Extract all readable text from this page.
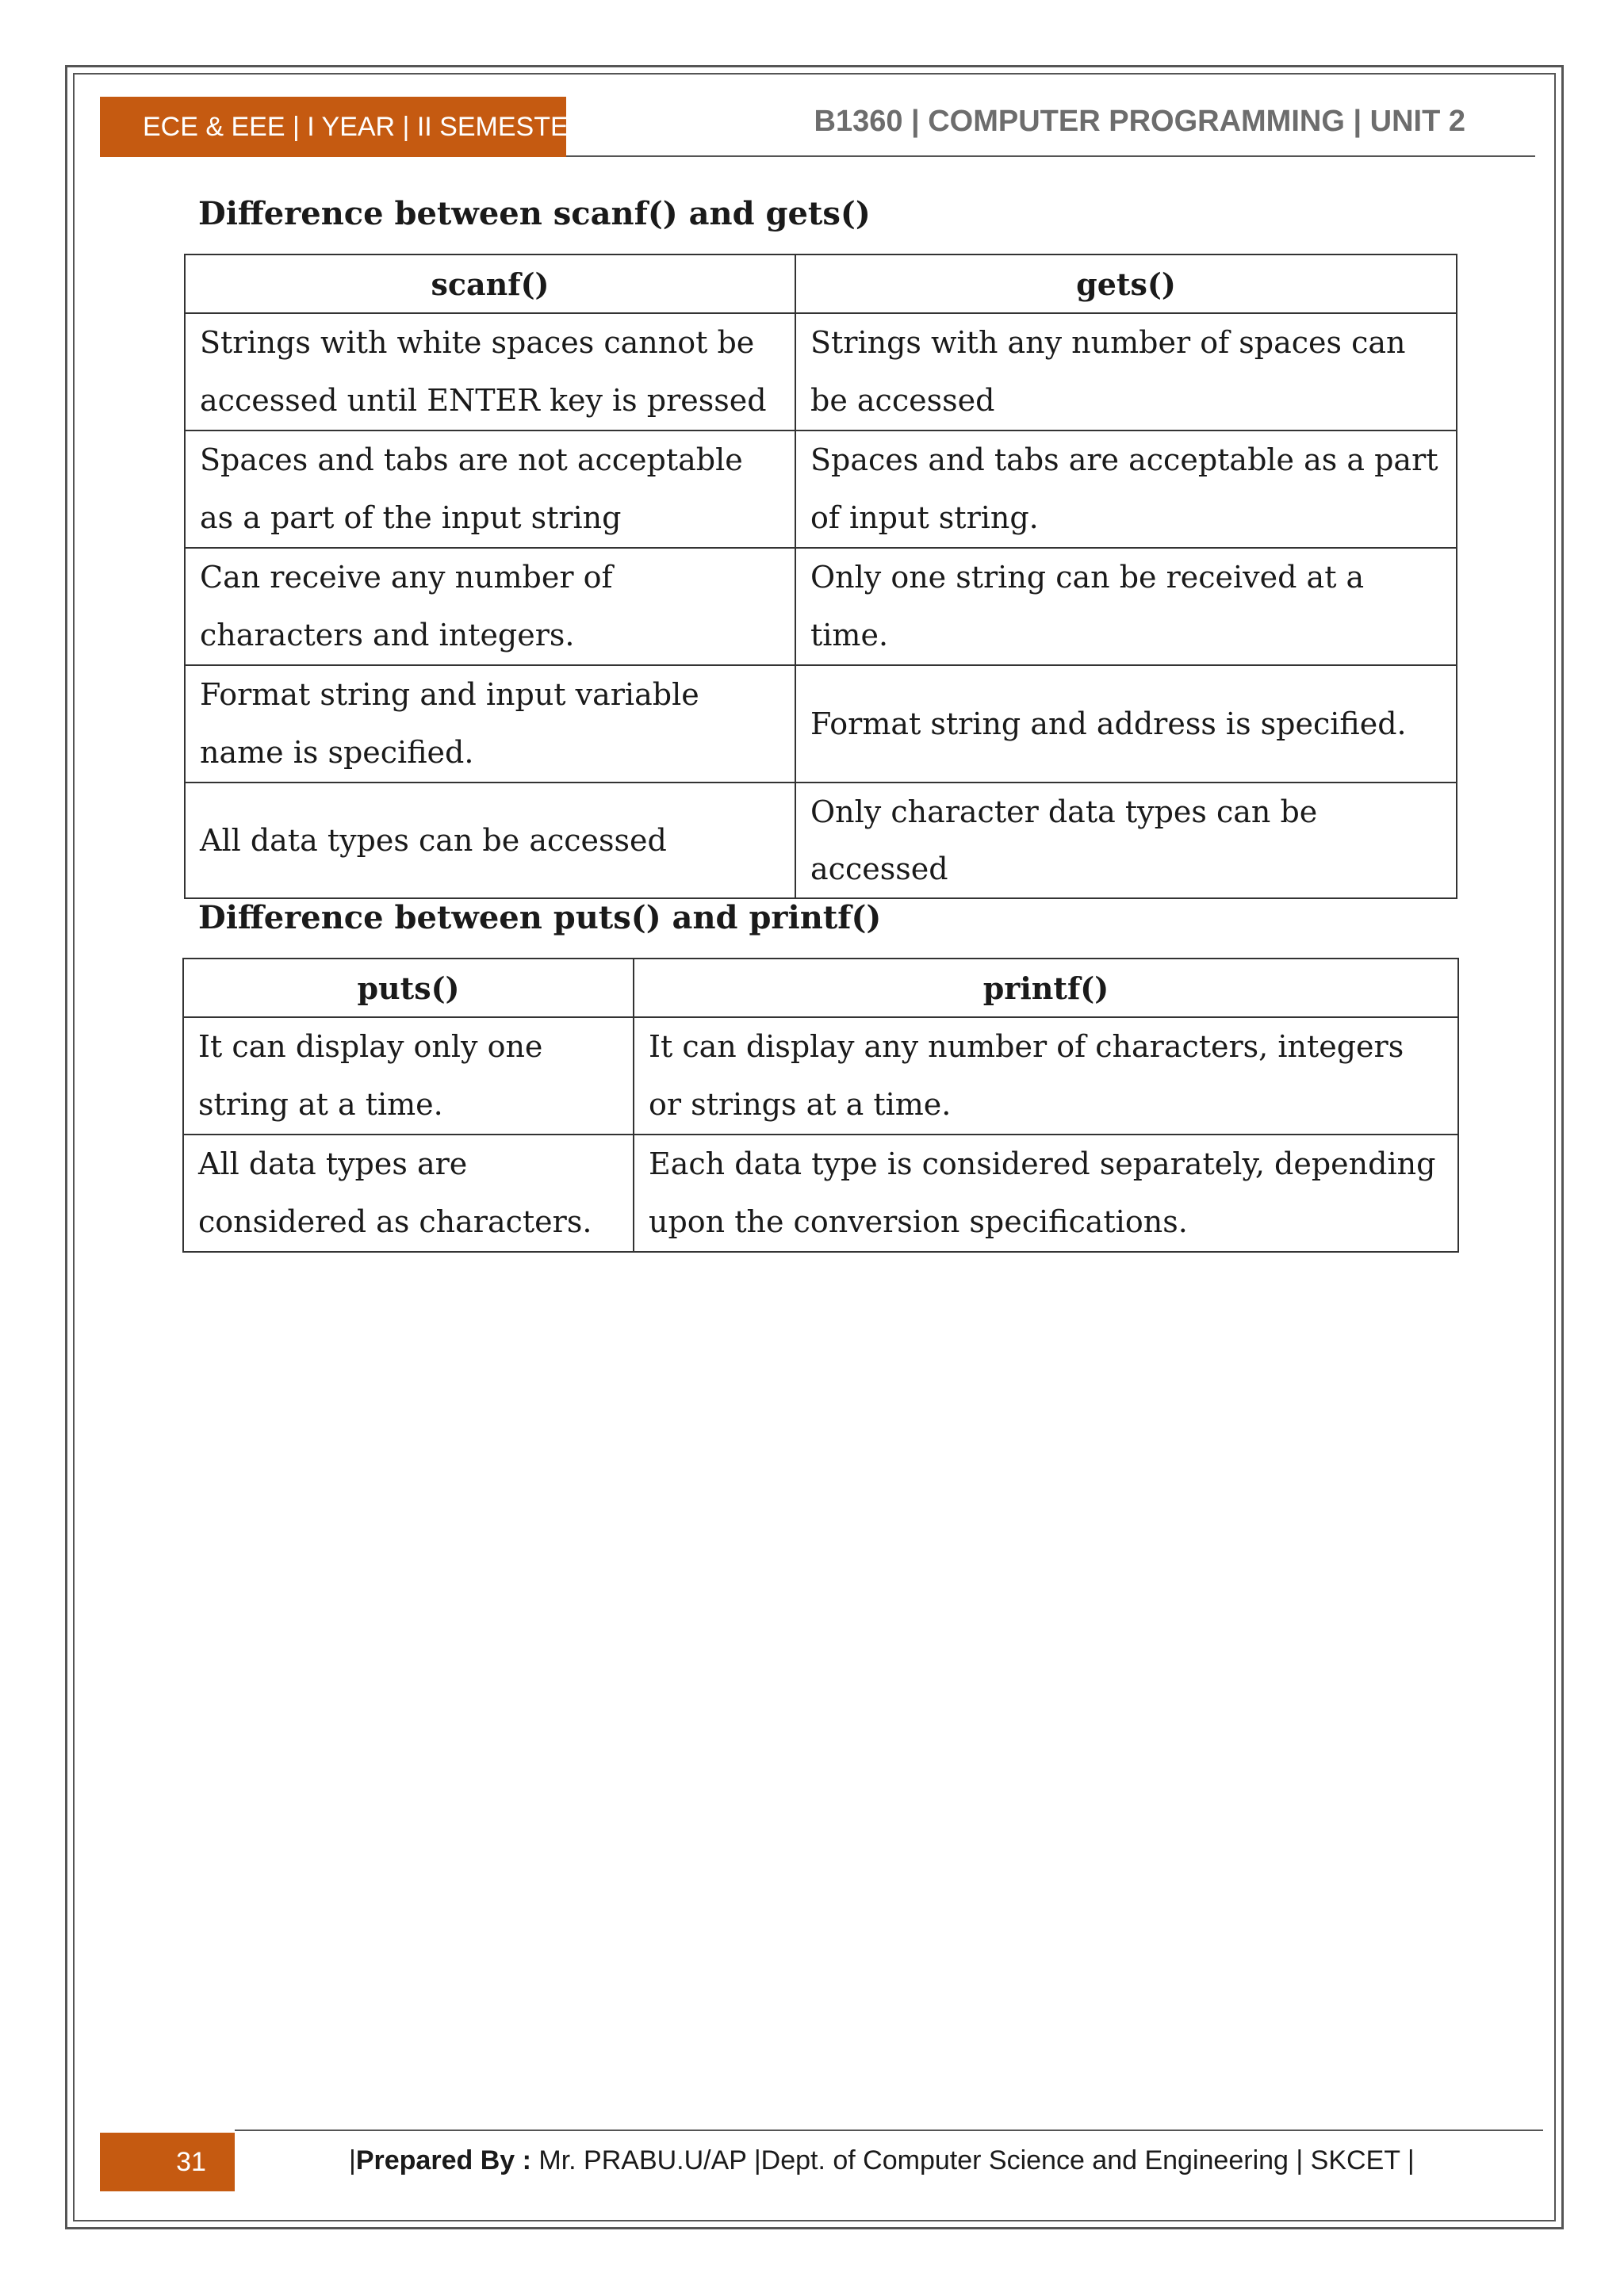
ECE & EEE | I YEAR | II SEMESTER	B1360 | COMPUTER PROGRAMMING | UNIT 2
Difference between scanf() and gets()
scanf()	gets()
Strings with white spaces cannot be accessed until ENTER key is pressed	Strings with any number of spaces can be accessed
Spaces and tabs are not acceptable as a part of the input string	Spaces and tabs are acceptable as a part of input string.
Can receive any number of characters and integers.	Only one string can be received at a time.
Format string and input variable name is specified.	Format string and address is specified.
All data types can be accessed	Only character data types can be accessed
Difference between puts() and printf()
puts()	printf()
It can display only one string at a time.	It can display any number of characters, integers or strings at a time.
All data types are considered as characters.	Each data type is considered separately, depending upon the conversion specifications.
31	|Prepared By : Mr. PRABU.U/AP |Dept. of Computer Science and Engineering | SKCET |
